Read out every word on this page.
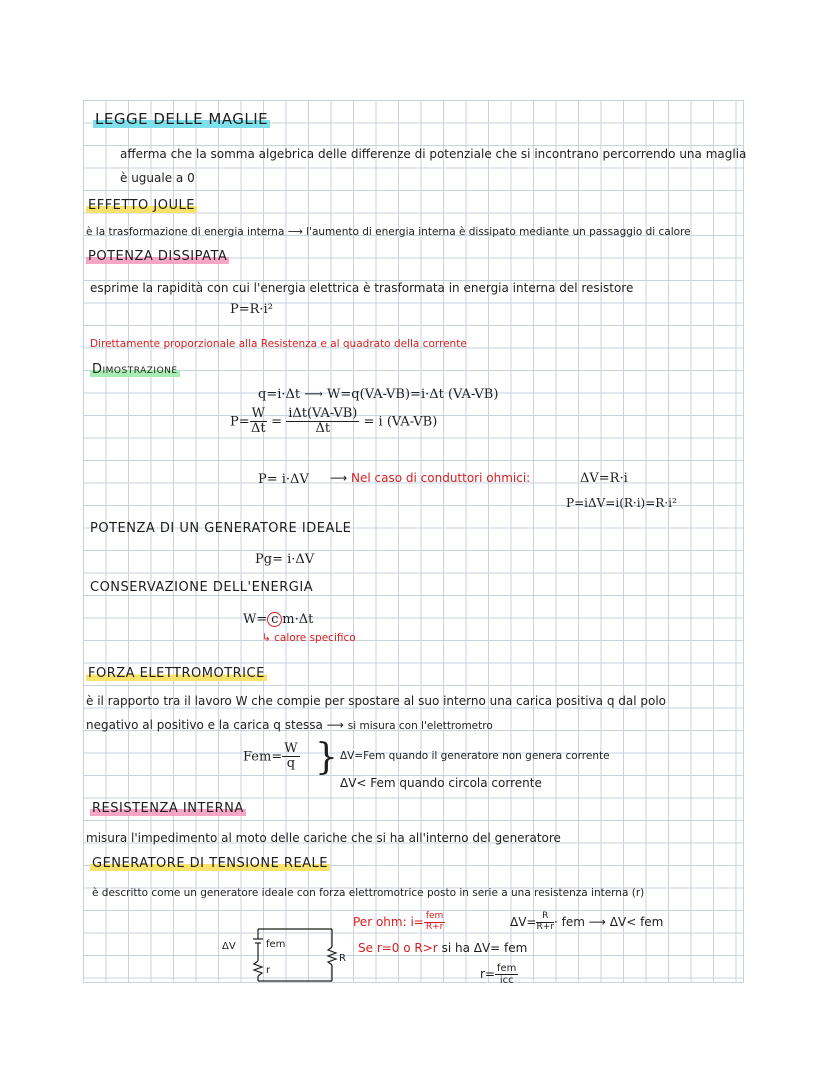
LEGGE DELLE MAGLIE
afferma che la somma algebrica delle differenze di potenziale che si incontrano percorrendo una maglia
è uguale a 0
EFFETTO JOULE
è la trasformazione di energia interna ⟶ l'aumento di energia interna è dissipato mediante un passaggio di calore
POTENZA DISSIPATA
esprime la rapidità con cui l'energia elettrica è trasformata in energia interna del resistore
P=R·i²
Direttamente proporzionale alla Resistenza e al quadrato della corrente
Dimostrazione
q=i·Δt ⟶ W=q(VA-VB)=i·Δt (VA-VB)
$P= \frac{W}{\Delta t} = \frac{\text{iΔt(VA-VB)}}{\Delta t} = i$ (VA-VB)
P= i·ΔV ⟶ Nel caso di conduttori ohmici:	ΔV=R·i
P=iΔV=i(R·i)=R·i²
POTENZA DI UN GENERATORE IDEALE
Pg= i·ΔV
CONSERVAZIONE DELL'ENERGIA
W= c m·Δt
↳ calore specifico
FORZA ELETTROMOTRICE
è il rapporto tra il lavoro W che compie per spostare al suo interno una carica positiva q dal polo
negativo al positivo e la carica q stessa ⟶ si misura con l'elettrometro
$Fem= \frac{W}{q}$ } ΔV=Fem quando il generatore non genera corrente
ΔV< Fem quando circola corrente
RESISTENZA INTERNA
misura l'impedimento al moto delle cariche che si ha all'interno del generatore
GENERATORE DI TENSIONE REALE
è descritto come un generatore ideale con forza elettromotrice posto in serie a una resistenza interna (r)
Per ohm: $i= \frac{\text{fem}}{R+r}$	$\Delta V= \frac{R}{R+r}$ · fem ⟶ ΔV< fem
Se r=0 o R>r si ha ΔV= fem
$r= \frac{\text{fem}}{\text{icc}}$
ΔV	fem
r
R
